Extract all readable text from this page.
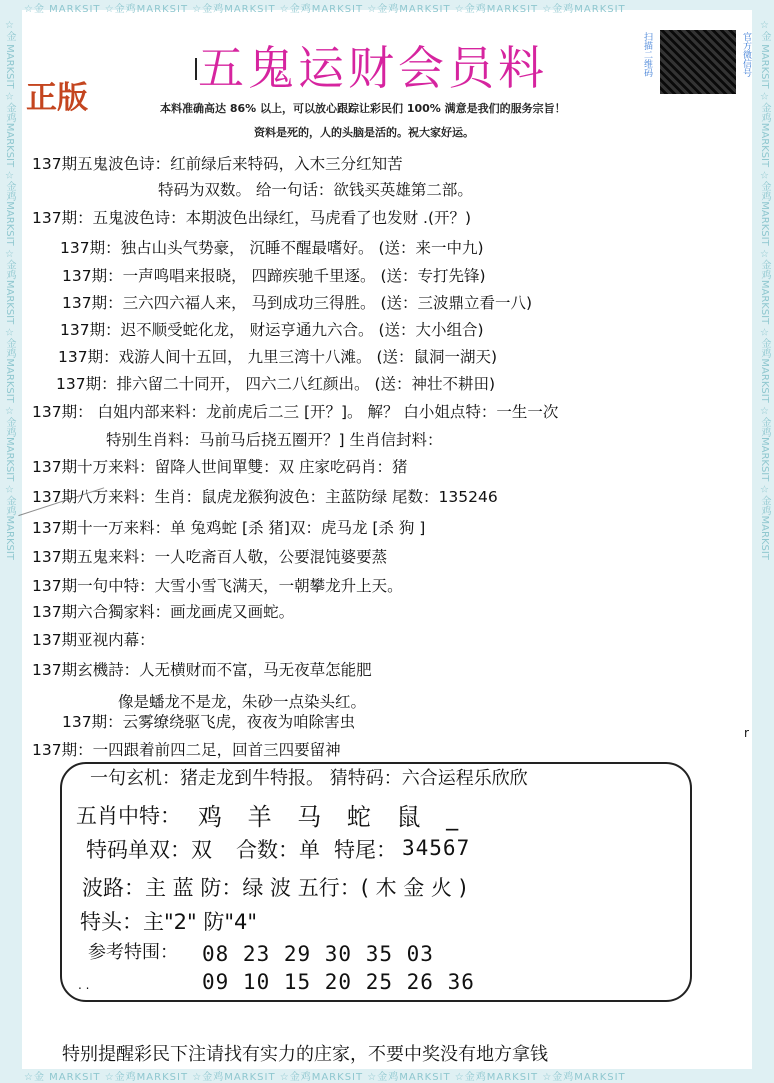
☆金 MARKSIT ☆金鸡MARKSIT ☆金鸡MARKSIT ☆金鸡MARKSIT ☆金鸡MARKSIT ☆金鸡MARKSIT ☆金鸡MARKSIT
☆金 MARKSIT ☆金鸡MARKSIT ☆金鸡MARKSIT ☆金鸡MARKSIT ☆金鸡MARKSIT ☆金鸡MARKSIT ☆金鸡MARKSIT
☆金 MARKSIT ☆金鸡MARKSIT ☆金鸡MARKSIT ☆金鸡MARKSIT ☆金鸡MARKSIT ☆金鸡MARKSIT ☆金鸡MARKSIT	☆金 MARKSIT ☆金鸡MARKSIT ☆金鸡MARKSIT ☆金鸡MARKSIT ☆金鸡MARKSIT ☆金鸡MARKSIT ☆金鸡MARKSIT
五鬼运财会员料
正版
扫描二维码	官方微信号
本料准确高达 86% 以上，可以放心跟踪让彩民们 100% 满意是我们的服务宗旨！
资料是死的，人的头脑是活的。祝大家好运。
137期五鬼波色诗：红前绿后来特码，入木三分红知苦
特码为双数。 给一句话：欲钱买英雄第二部。
137期：五鬼波色诗：本期波色出绿红，马虎看了也发财 .(开？)
137期：独占山头气势豪， 沉睡不醒最嗜好。 (送：来一中九)
137期：一声鸣唱来报晓， 四蹄疾驰千里逐。 (送：专打先锋)
137期：三六四六福人来， 马到成功三得胜。 (送：三波鼎立看一八)
137期：迟不顺受蛇化龙， 财运亨通九六合。 (送：大小组合)
137期：戏游人间十五回， 九里三湾十八滩。 (送：鼠洞一湖天)
137期：排六留二十同开， 四六二八红颜出。 (送：神壮不耕田)
137期： 白姐内部来料：龙前虎后二三 [开？]。 解？ 白小姐点特：一生一次
特别生肖料：马前马后挠五圈开？] 生肖信封料：
137期十万来料：留降人世间單雙：双 庄家吃码肖：猪
137期八万来料：生肖：鼠虎龙猴狗波色：主蓝防绿 尾数：135246
137期十一万来料：单 兔鸡蛇 [杀 猪]双：虎马龙 [杀 狗 ]
137期五鬼来料：一人吃斋百人敬，公要混饨婆要蒸
137期一句中特：大雪小雪飞满天，一朝攀龙升上天。
137期六合獨家料：画龙画虎又画蛇。
137期亚视内幕：
137期玄機詩：人无横财而不富，马无夜草怎能肥
像是蟠龙不是龙，朱砂一点染头红。
137期：云雾缭绕驱飞虎，夜夜为咱除害虫
137期：一四跟着前四二足，回首三四要留神
r
一句玄机：猪走龙到牛特报。 猜特码：六合运程乐欣欣
五肖中特： 鸡 羊 马 蛇 鼠 _
特码单双：双 合数：单 特尾： 34567
波路：主 蓝 防：绿 波 五行：( 木 金 火 )
特头：主"2" 防"4"
参考特围： 08 23 29 30 35 03
09 10 15 20 25 26 36
. .
特别提醒彩民下注请找有实力的庄家，不要中奖没有地方拿钱
